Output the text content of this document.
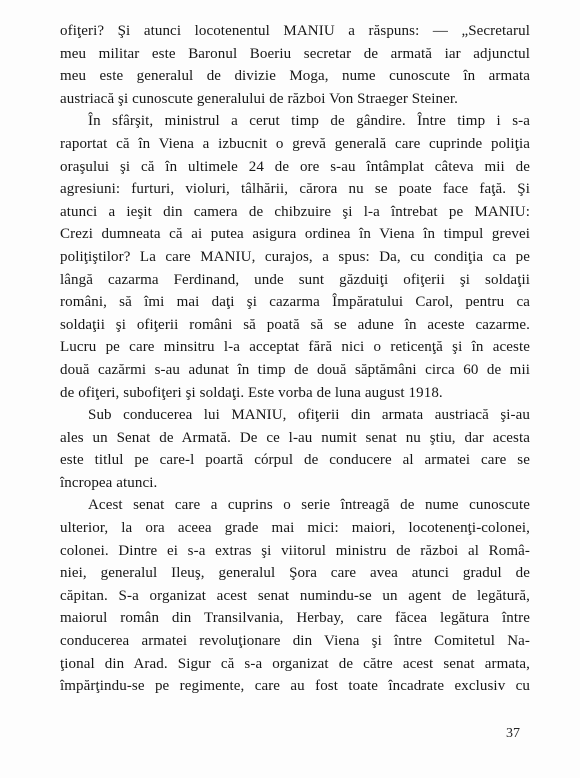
ofiţeri? Şi atunci locotenentul MANIU a răspuns: — „Secretarul
meu militar este Baronul Boeriu secretar de armată iar adjunctul
meu este generalul de divizie Moga, nume cunoscute în armata
austriacă şi cunoscute generalului de război Von Straeger Steiner.
În sfârşit, ministrul a cerut timp de gândire. Între timp i s-a
raportat că în Viena a izbucnit o grevă generală care cuprinde poliţia
oraşului şi că în ultimele 24 de ore s-au întâmplat câteva mii de
agresiuni: furturi, violuri, tâlhării, cărora nu se poate face faţă. Şi
atunci a ieşit din camera de chibzuire şi l-a întrebat pe MANIU:
Crezi dumneata că ai putea asigura ordinea în Viena în timpul grevei
poliţiştilor? La care MANIU, curajos, a spus: Da, cu condiţia ca pe
lângă cazarma Ferdinand, unde sunt găzduiţi ofiţerii şi soldaţii
români, să îmi mai daţi şi cazarma Împăratului Carol, pentru ca
soldaţii şi ofiţerii români să poată să se adune în aceste cazarme.
Lucru pe care minsitru l-a acceptat fără nici o reticenţă şi în aceste
două cazărmi s-au adunat în timp de două săptămâni circa 60 de mii
de ofiţeri, subofiţeri şi soldaţi. Este vorba de luna august 1918.
Sub conducerea lui MANIU, ofiţerii din armata austriacă şi-au
ales un Senat de Armată. De ce l-au numit senat nu ştiu, dar acesta
este titlul pe care-l poartă córpul de conducere al armatei care se
încropea atunci.
Acest senat care a cuprins o serie întreagă de nume cunoscute
ulterior, la ora aceea grade mai mici: maiori, locotenenţi-colonei,
colonei. Dintre ei s-a extras şi viitorul ministru de război al Româ-
niei, generalul Ileuş, generalul Şora care avea atunci gradul de
căpitan. S-a organizat acest senat numindu-se un agent de legătură,
maiorul român din Transilvania, Herbay, care făcea legătura între
conducerea armatei revoluţionare din Viena şi între Comitetul Na-
ţional din Arad. Sigur că s-a organizat de către acest senat armata,
împărţindu-se pe regimente, care au fost toate încadrate exclusiv cu
37
